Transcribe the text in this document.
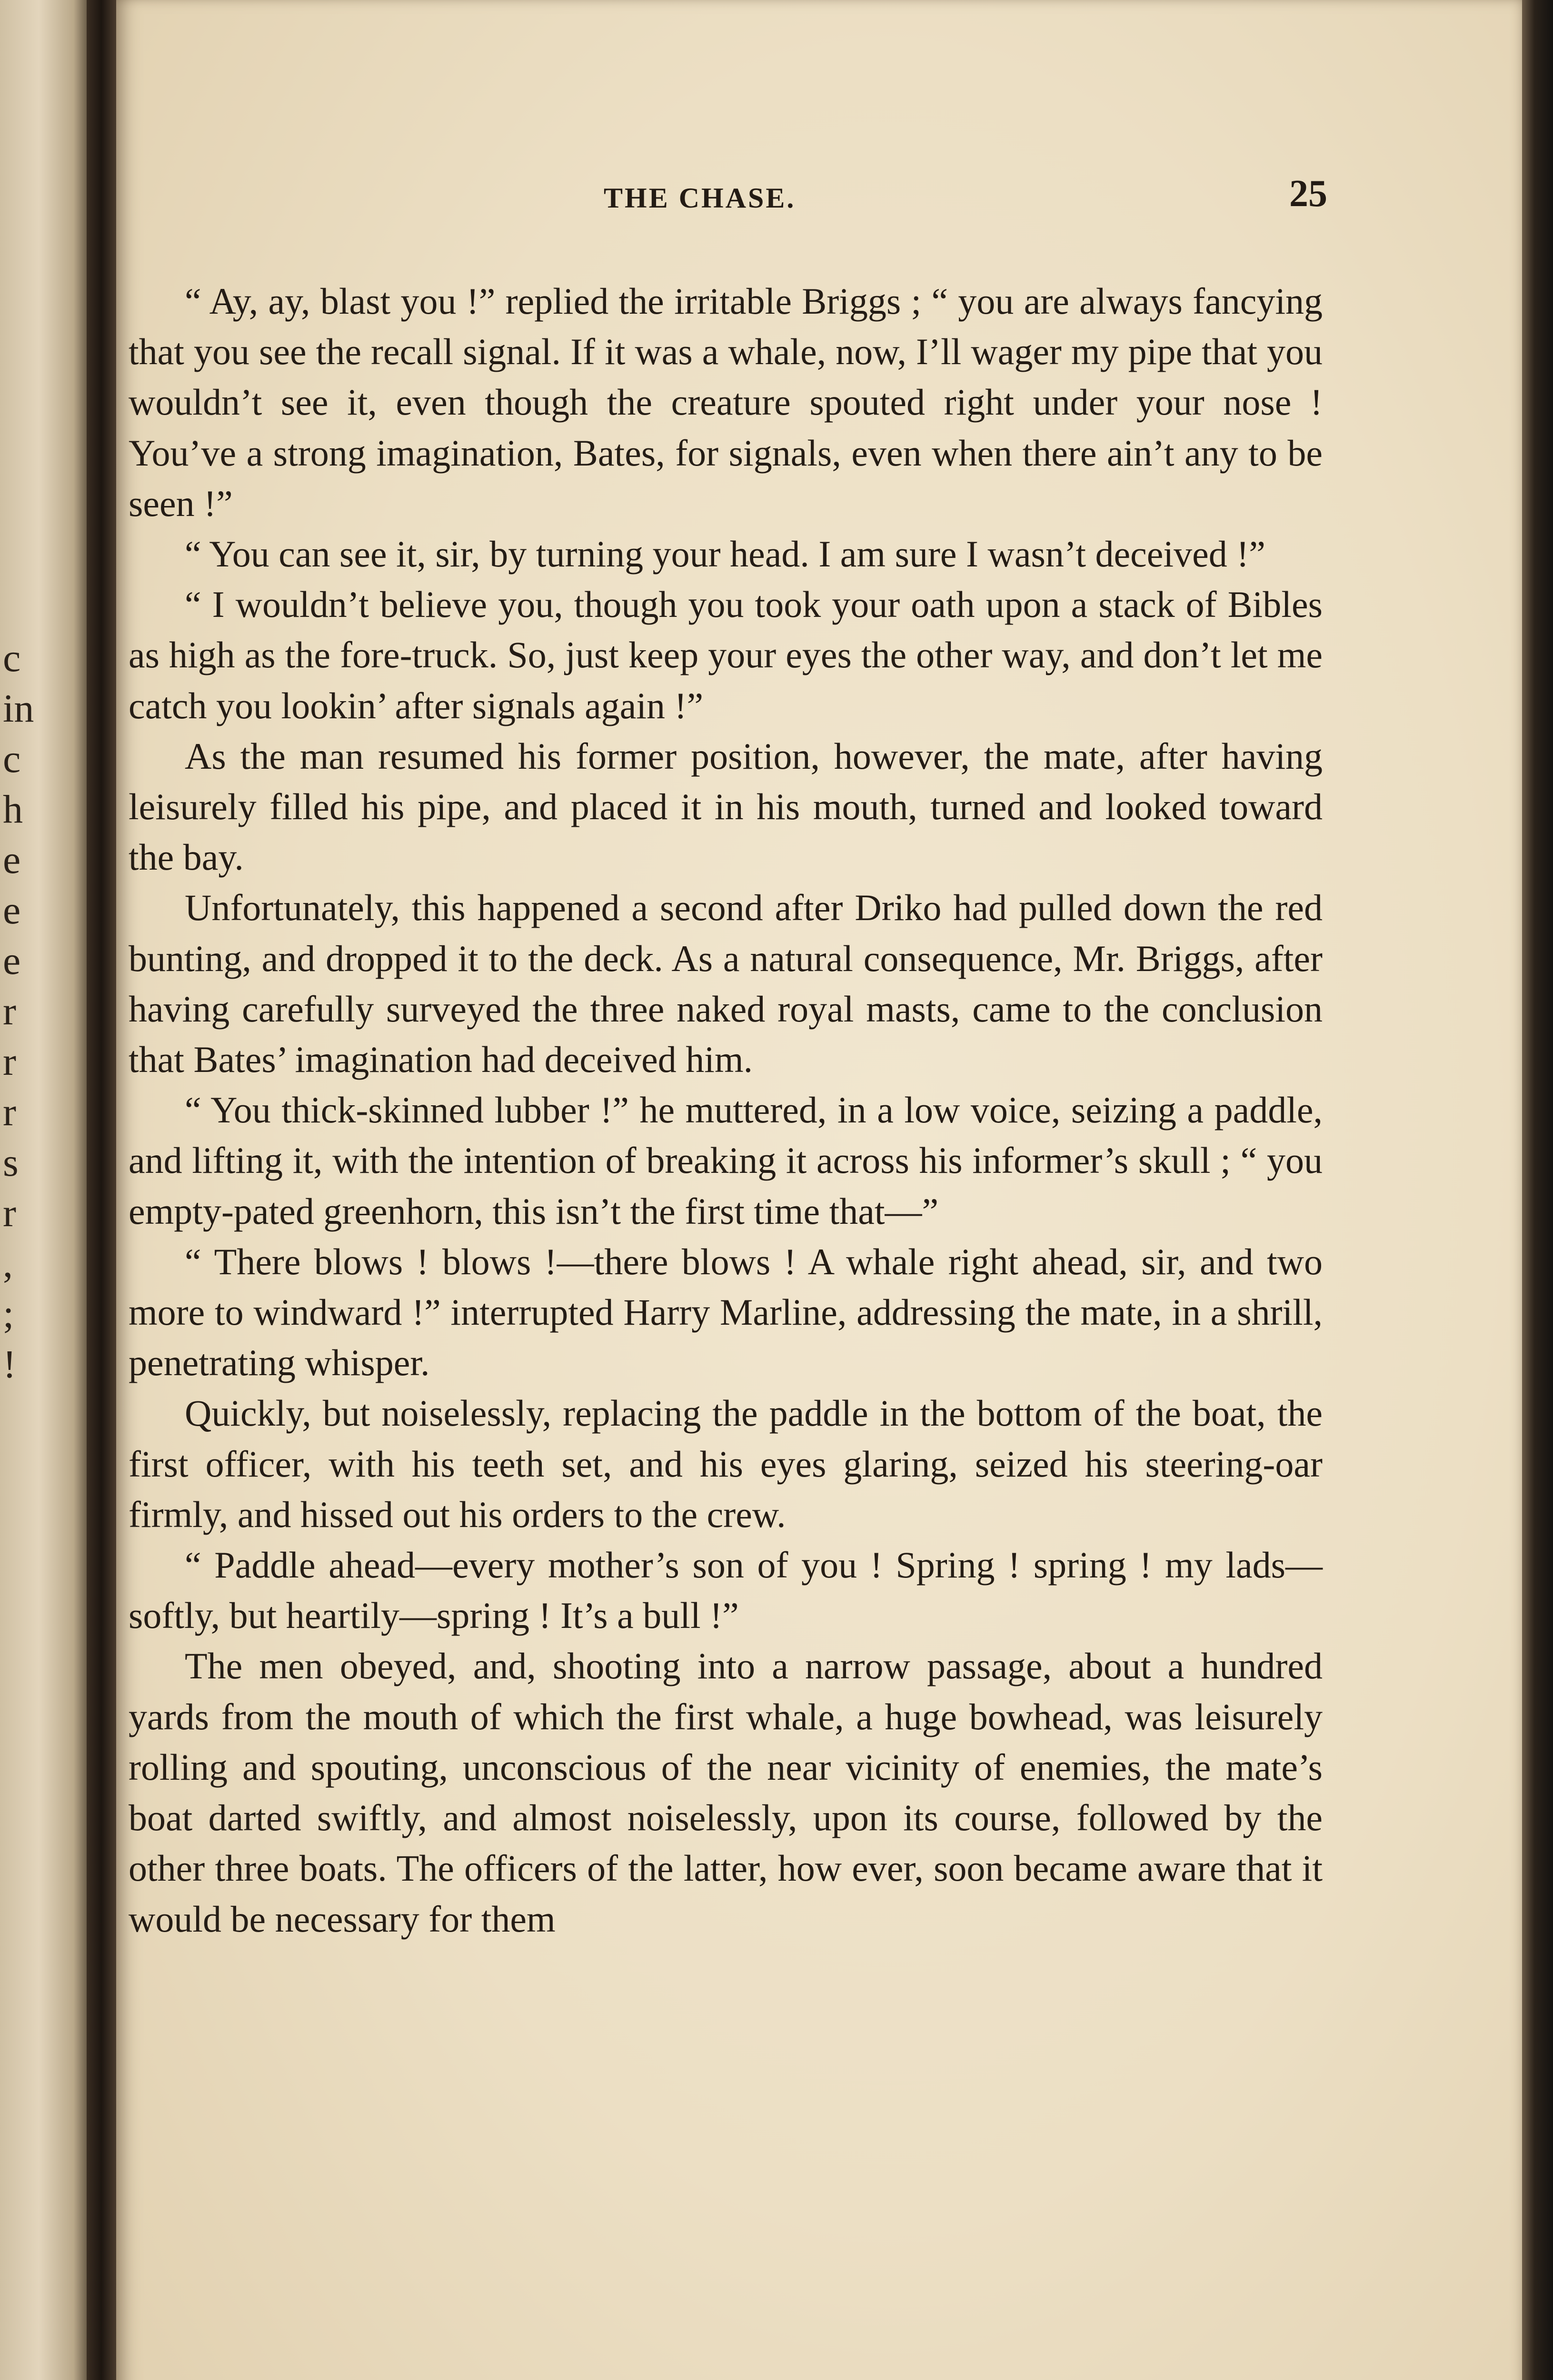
c
in
c
h
e
e
e
r
r
r
s
r
,
;
!
THE CHASE.	25

“ Ay, ay, blast you !” replied the irritable Briggs ; “ you are always fancying that you see the recall signal. If it was a whale, now, I’ll wager my pipe that you wouldn’t see it, even though the creature spouted right under your nose ! You’ve a strong imagination, Bates, for signals, even when there ain’t any to be seen !”

“ You can see it, sir, by turning your head. I am sure I wasn’t deceived !”

“ I wouldn’t believe you, though you took your oath upon a stack of Bibles as high as the fore-truck. So, just keep your eyes the other way, and don’t let me catch you lookin’ after signals again !”

As the man resumed his former position, however, the mate, after having leisurely filled his pipe, and placed it in his mouth, turned and looked toward the bay.

Unfortunately, this happened a second after Driko had pulled down the red bunting, and dropped it to the deck. As a natural consequence, Mr. Briggs, after having carefully surveyed the three naked royal masts, came to the conclusion that Bates’ imagination had deceived him.

“ You thick-skinned lubber !” he muttered, in a low voice, seizing a paddle, and lifting it, with the intention of breaking it across his informer’s skull ; “ you empty-pated greenhorn, this isn’t the first time that—”

“ There blows ! blows !—there blows ! A whale right ahead, sir, and two more to windward !” interrupted Harry Marline, addressing the mate, in a shrill, penetrating whisper.

Quickly, but noiselessly, replacing the paddle in the bottom of the boat, the first officer, with his teeth set, and his eyes glaring, seized his steering-oar firmly, and hissed out his orders to the crew.

“ Paddle ahead—every mother’s son of you ! Spring ! spring ! my lads—softly, but heartily—spring ! It’s a bull !”

The men obeyed, and, shooting into a narrow passage, about a hundred yards from the mouth of which the first whale, a huge bowhead, was leisurely rolling and spouting, unconscious of the near vicinity of enemies, the mate’s boat darted swiftly, and almost noiselessly, upon its course, followed by the other three boats. The officers of the latter, how ever, soon became aware that it would be necessary for them
